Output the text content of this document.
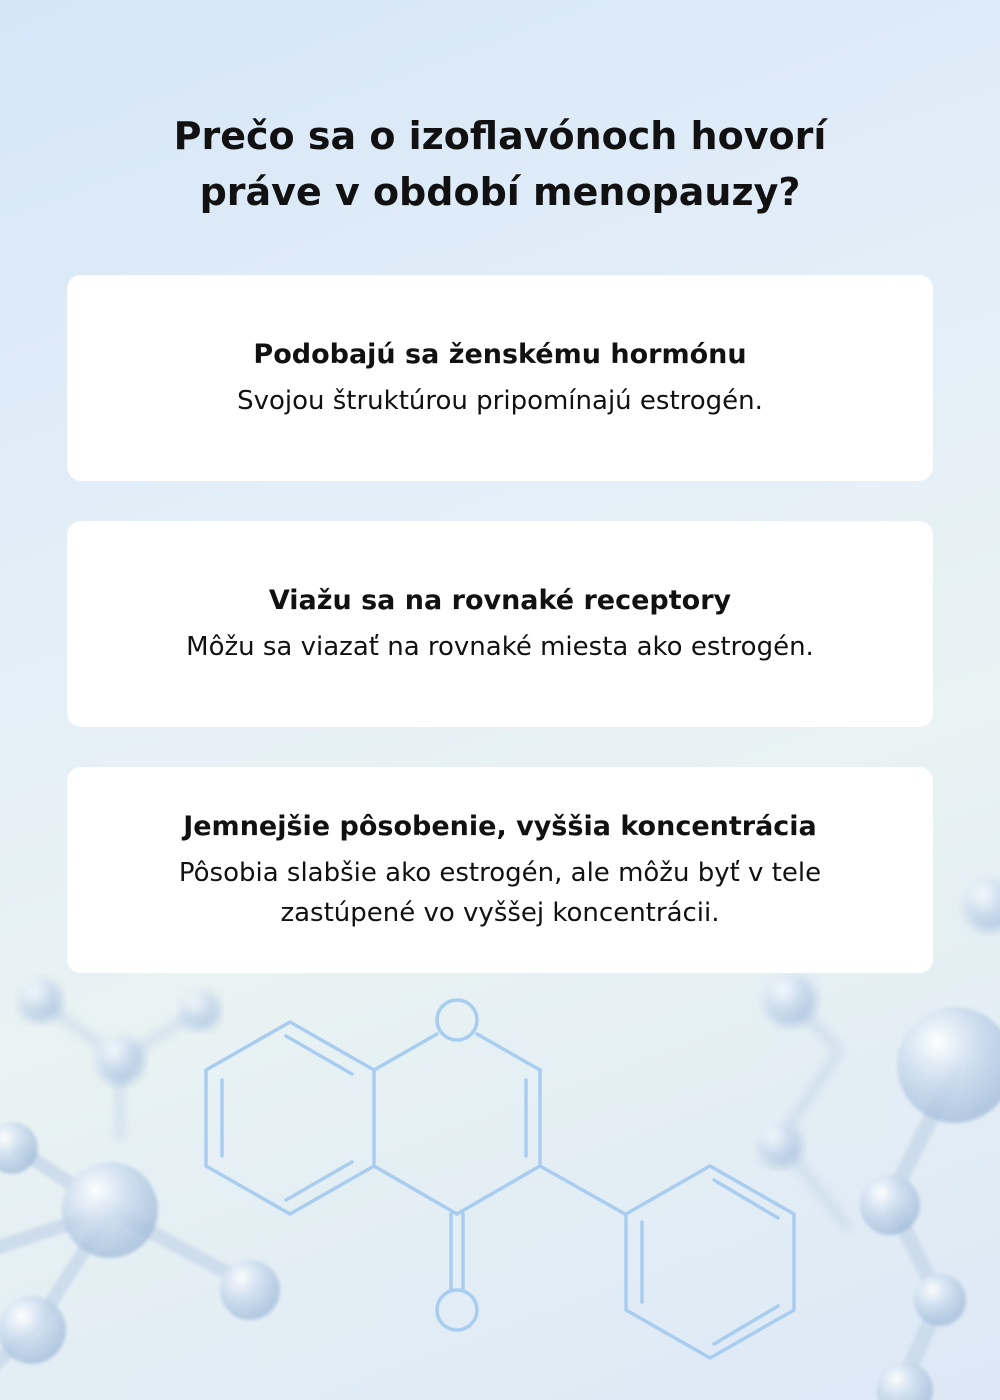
Prečo sa o izoflavónoch hovorí
práve v období menopauzy?

Podobajú sa ženskému hormónu

Svojou štruktúrou pripomínajú estrogén.

Viažu sa na rovnaké receptory

Môžu sa viazať na rovnaké miesta ako estrogén.

Jemnejšie pôsobenie, vyššia koncentrácia

Pôsobia slabšie ako estrogén, ale môžu byť v tele
zastúpené vo vyššej koncentrácii.
